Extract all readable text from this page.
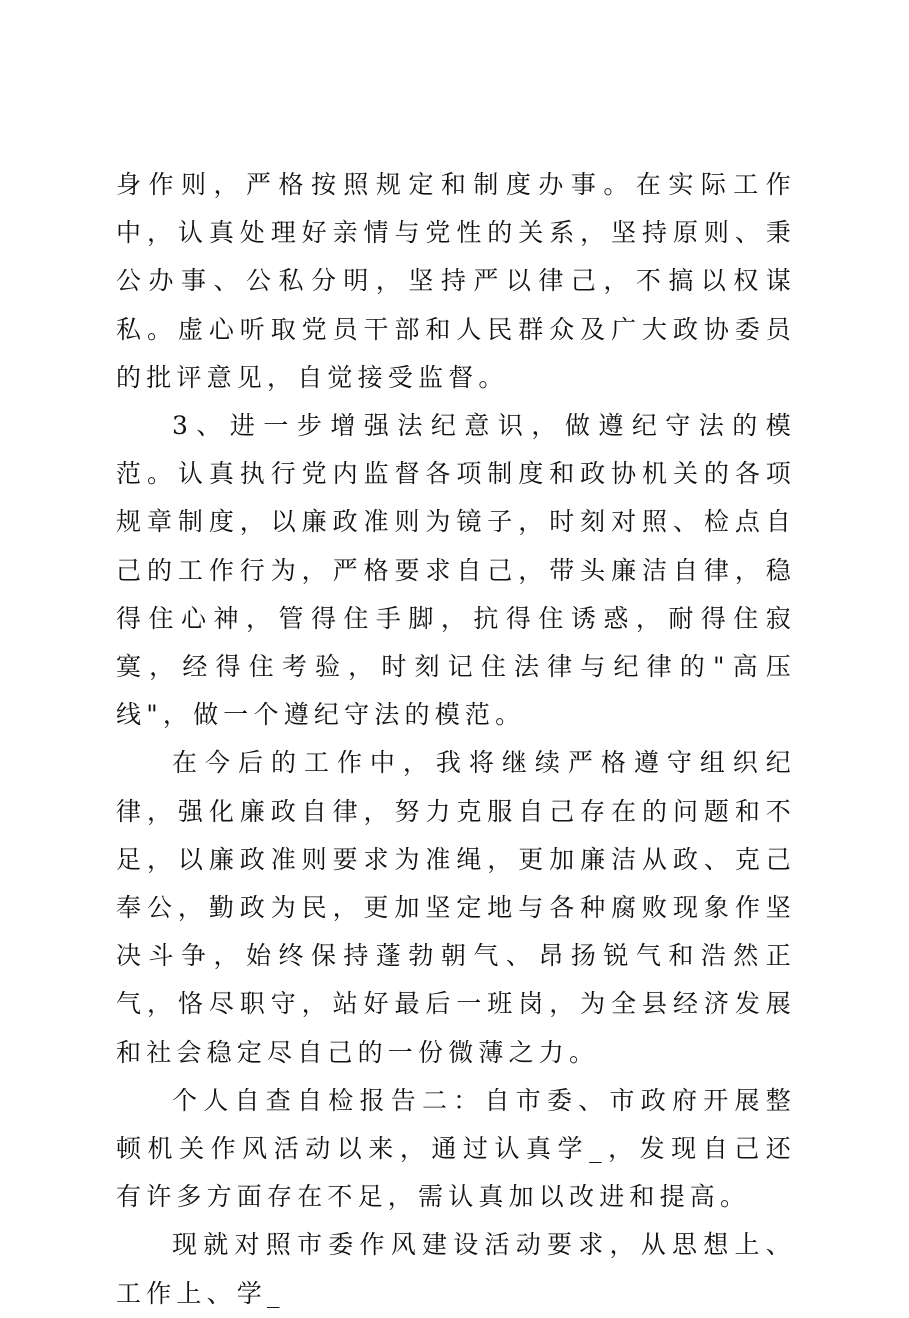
身作则，严格按照规定和制度办事。在实际工作中，认真处理好亲情与党性的关系，坚持原则、秉公办事、公私分明，坚持严以律己，不搞以权谋私。虚心听取党员干部和人民群众及广大政协委员的批评意见，自觉接受监督。

3、进一步增强法纪意识，做遵纪守法的模范。认真执行党内监督各项制度和政协机关的各项规章制度，以廉政准则为镜子，时刻对照、检点自己的工作行为，严格要求自己，带头廉洁自律，稳得住心神，管得住手脚，抗得住诱惑，耐得住寂寞，经得住考验，时刻记住法律与纪律的"高压线"，做一个遵纪守法的模范。

在今后的工作中，我将继续严格遵守组织纪律，强化廉政自律，努力克服自己存在的问题和不足，以廉政准则要求为准绳，更加廉洁从政、克己奉公，勤政为民，更加坚定地与各种腐败现象作坚决斗争，始终保持蓬勃朝气、昂扬锐气和浩然正气，恪尽职守，站好最后一班岗，为全县经济发展和社会稳定尽自己的一份微薄之力。

个人自查自检报告二：自市委、市政府开展整顿机关作风活动以来，通过认真学_，发现自己还有许多方面存在不足，需认真加以改进和提高。

现就对照市委作风建设活动要求，从思想上、工作上、学_
